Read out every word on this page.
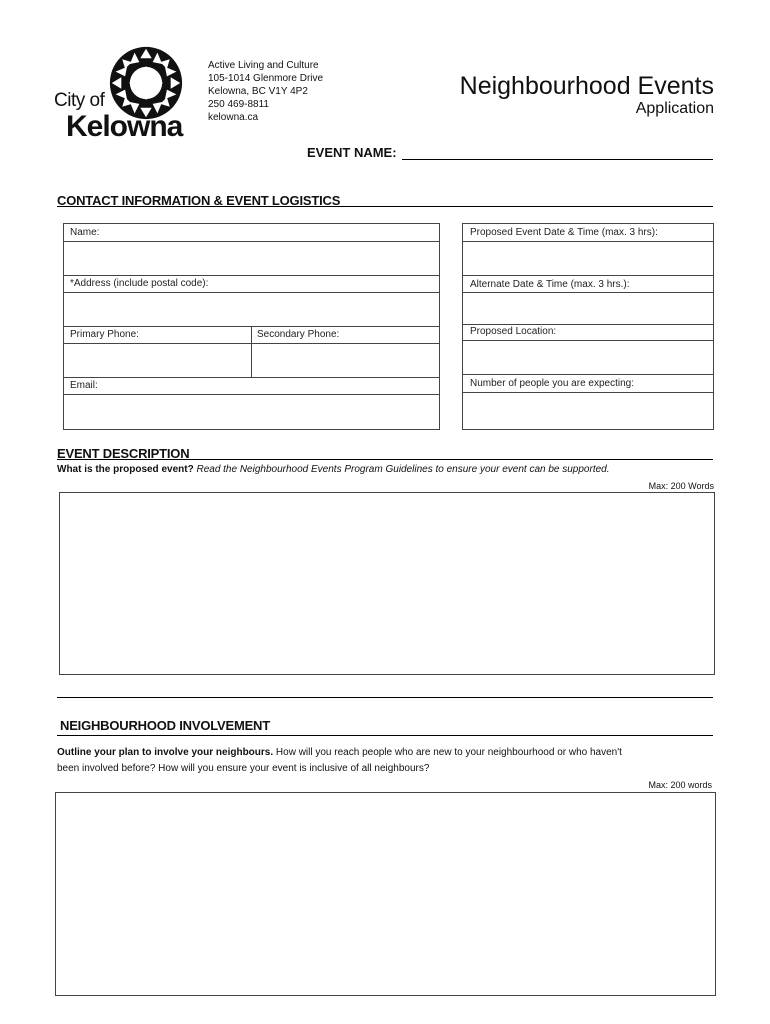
City of
Kelowna
Active Living and Culture
105-1014 Glenmore Drive
Kelowna, BC V1Y 4P2
250 469-8811
kelowna.ca
Neighbourhood Events
Application
EVENT NAME:
CONTACT INFORMATION & EVENT LOGISTICS
Name:
*Address (include postal code):
Primary Phone:	Secondary Phone:
Email:
Proposed Event Date & Time (max. 3 hrs):
Alternate Date & Time (max. 3 hrs.):
Proposed Location:
Number of people you are expecting:
EVENT DESCRIPTION
What is the proposed event? Read the Neighbourhood Events Program Guidelines to ensure your event can be supported.
Max: 200 Words
NEIGHBOURHOOD INVOLVEMENT
Outline your plan to involve your neighbours. How will you reach people who are new to your neighbourhood or who haven't
been involved before? How will you ensure your event is inclusive of all neighbours?
Max: 200 words
